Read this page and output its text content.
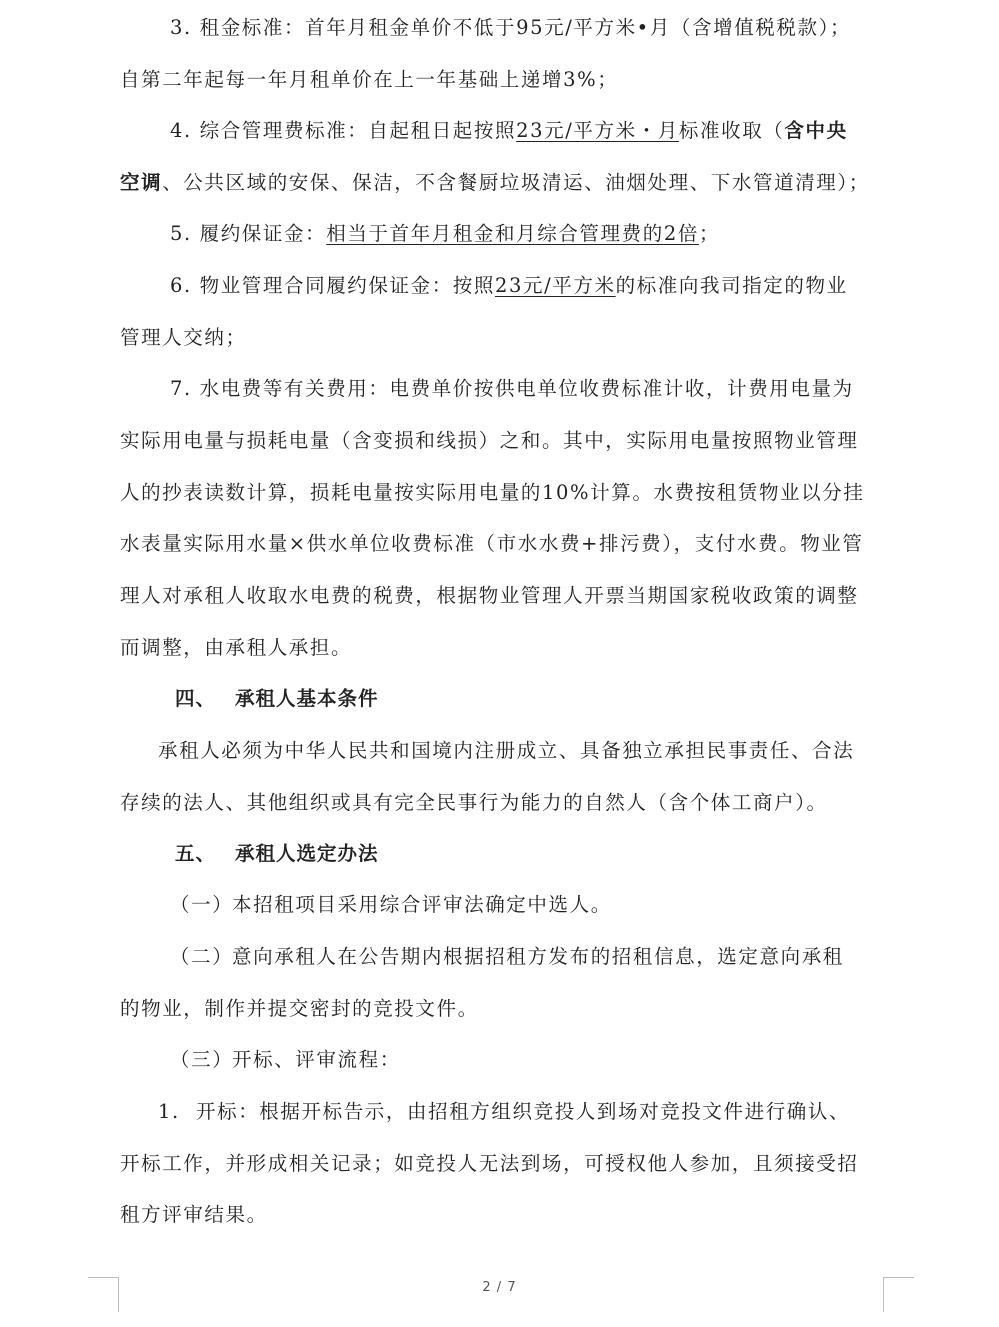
3. 租金标准：首年月租金单价不低于95元/平方米•月（含增值税税款）；
自第二年起每一年月租单价在上一年基础上递增3%；
4. 综合管理费标准：自起租日起按照23元/平方米・月标准收取（含中央
空调、公共区域的安保、保洁，不含餐厨垃圾清运、油烟处理、下水管道清理）；
5. 履约保证金：相当于首年月租金和月综合管理费的2倍；
6. 物业管理合同履约保证金：按照23元/平方米的标准向我司指定的物业
管理人交纳；
7. 水电费等有关费用：电费单价按供电单位收费标准计收，计费用电量为
实际用电量与损耗电量（含变损和线损）之和。其中，实际用电量按照物业管理
人的抄表读数计算，损耗电量按实际用电量的10%计算。水费按租赁物业以分挂
水表量实际用水量×供水单位收费标准（市水水费+排污费），支付水费。物业管
理人对承租人收取水电费的税费，根据物业管理人开票当期国家税收政策的调整
而调整，由承租人承担。
四、 承租人基本条件
承租人必须为中华人民共和国境内注册成立、具备独立承担民事责任、合法
存续的法人、其他组织或具有完全民事行为能力的自然人（含个体工商户）。
五、 承租人选定办法
（一）本招租项目采用综合评审法确定中选人。
（二）意向承租人在公告期内根据招租方发布的招租信息，选定意向承租
的物业，制作并提交密封的竞投文件。
（三）开标、评审流程：
1. 开标：根据开标告示，由招租方组织竞投人到场对竞投文件进行确认、
开标工作，并形成相关记录；如竞投人无法到场，可授权他人参加，且须接受招
租方评审结果。
2 / 7
